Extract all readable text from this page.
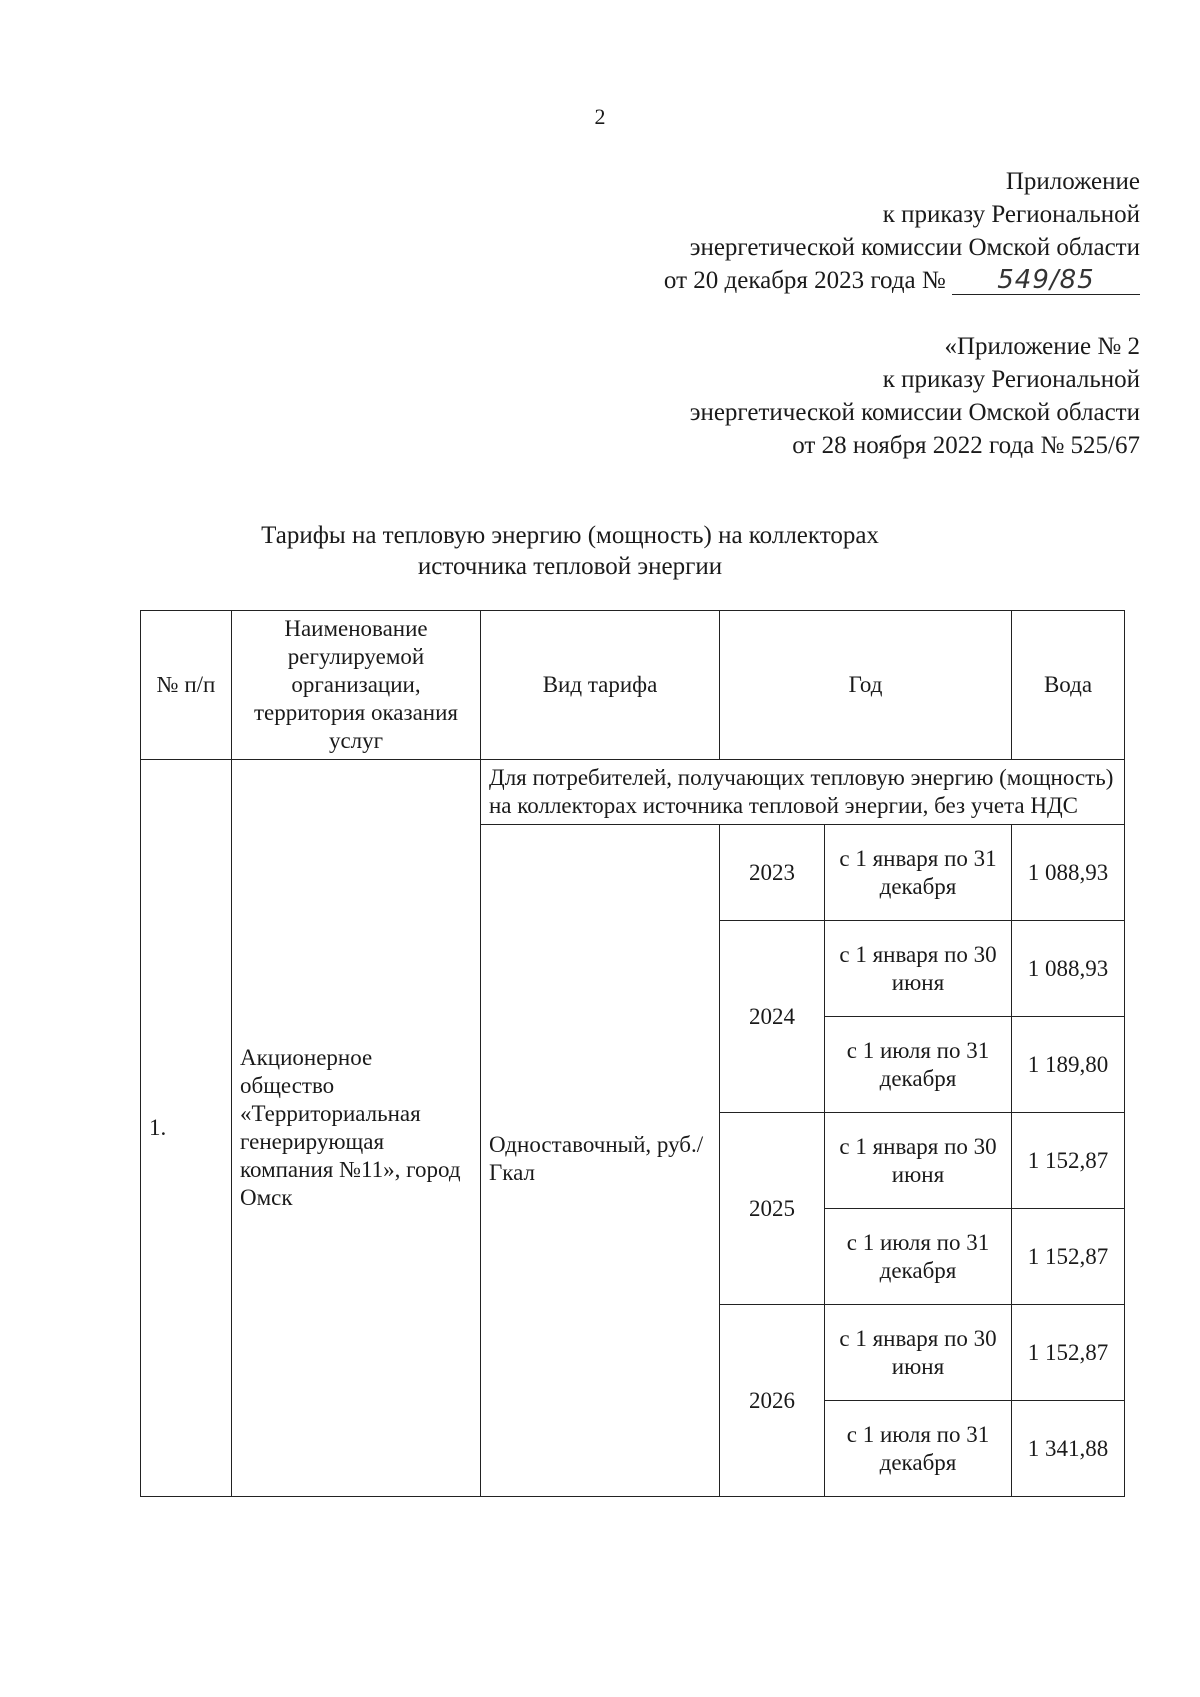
2
Приложение
к приказу Региональной
энергетической комиссии Омской области
от 20 декабря 2023 года № 549/85
«Приложение № 2
к приказу Региональной
энергетической комиссии Омской области
от 28 ноября 2022 года № 525/67
Тарифы на тепловую энергию (мощность) на коллекторах
источника тепловой энергии
№ п/п	Наименование регулируемой организации, территория оказания услуг	Вид тарифа	Год		Вода
1.	Акционерное общество «Территориальная генерирующая компания №11», город Омск	Для потребителей, получающих тепловую энергию (мощность) на коллекторах источника тепловой энергии, без учета НДС			
		Одноставочный, руб./Гкал	2023	с 1 января по 31 декабря	1 088,93
			2024	с 1 января по 30 июня	1 088,93
				с 1 июля по 31 декабря	1 189,80
			2025	с 1 января по 30 июня	1 152,87
				с 1 июля по 31 декабря	1 152,87
			2026	с 1 января по 30 июня	1 152,87
				с 1 июля по 31 декабря	1 341,88
